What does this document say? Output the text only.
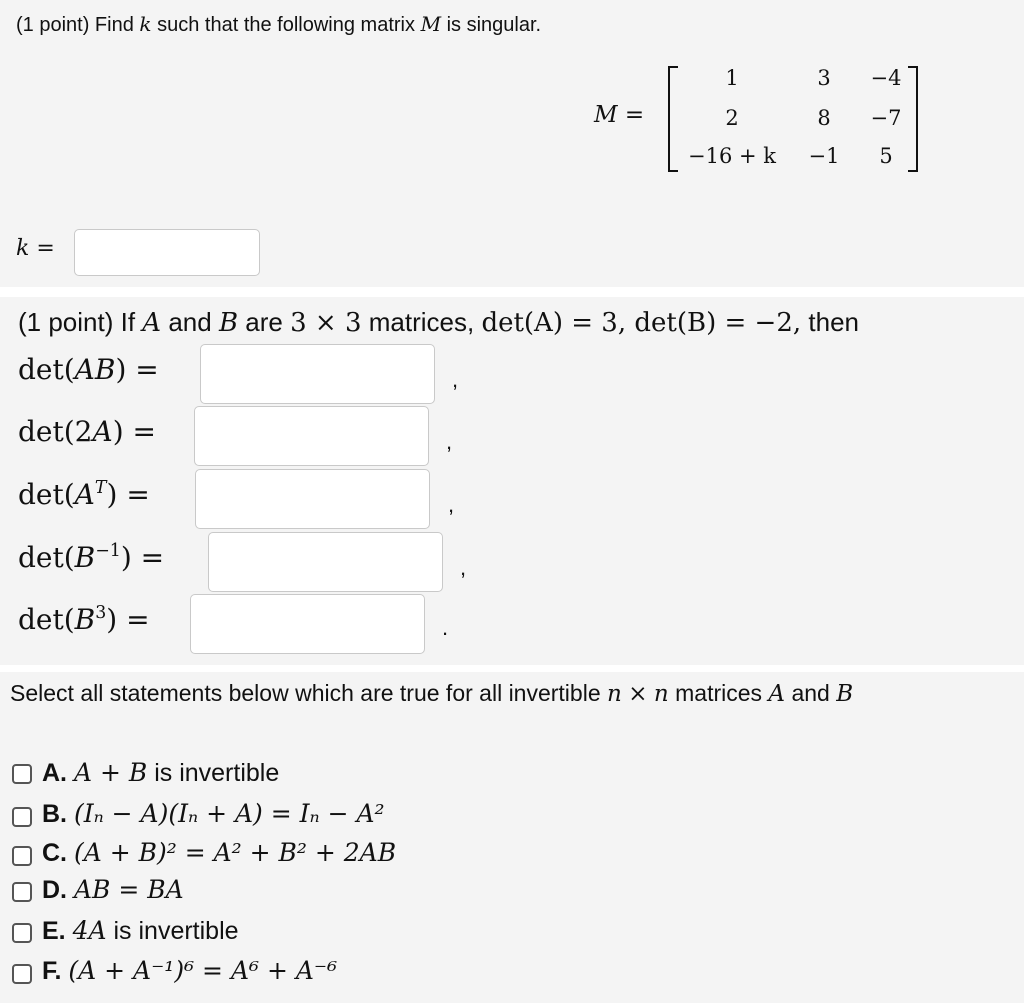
(1 point) Find k such that the following matrix M is singular.
M =
1	3	−4
2	8	−7
−16 + k	−1	5
k =
(1 point) If A and B are 3 × 3 matrices, det(A) = 3, det(B) = −2, then
det(AB) =	,
det(2A) =	,
$\det(A^T)$ =	,
$\det(B^{-1})$ =	,
$\det(B^3)$ =	.
Select all statements below which are true for all invertible n × n matrices A and B
A. A + B is invertible
B. (Iₙ − A)(Iₙ + A) = Iₙ − A²
C. (A + B)² = A² + B² + 2AB
D. AB = BA
E. 4A is invertible
F. (A + A⁻¹)⁶ = A⁶ + A⁻⁶
